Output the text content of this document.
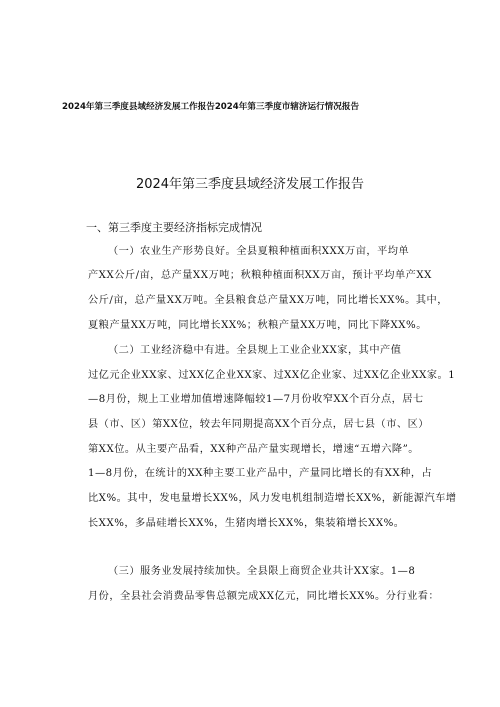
2024年第三季度县域经济发展工作报告2024年第三季度市辖济运行情况报告
2024年第三季度县域经济发展工作报告
一、第三季度主要经济指标完成情况
（一）农业生产形势良好。全县夏粮种植面积XXX万亩，平均单
产XX公斤/亩，总产量XX万吨；秋粮种植面积XX万亩，预计平均单产XX
公斤/亩，总产量XX万吨。全县粮食总产量XX万吨，同比增长XX%。其中，
夏粮产量XX万吨，同比增长XX%；秋粮产量XX万吨，同比下降XX%。
（二）工业经济稳中有进。全县规上工业企业XX家，其中产值
过亿元企业XX家、过XX亿企业XX家、过XX亿企业家、过XX亿企业XX家。1
—8月份，规上工业增加值增速降幅较1—7月份收窄XX个百分点，居七
县（市、区）第XX位，较去年同期提高XX个百分点，居七县（市、区）
第XX位。从主要产品看，XX种产品产量实现增长，增速“五增六降”。
1—8月份，在统计的XX种主要工业产品中，产量同比增长的有XX种，占
比X%。其中，发电量增长XX%，风力发电机组制造增长XX%，新能源汽车增
长XX%，多晶硅增长XX%，生猪肉增长XX%，集装箱增长XX%。
（三）服务业发展持续加快。全县限上商贸企业共计XX家。1—8
月份，全县社会消费品零售总额完成XX亿元，同比增长XX%。分行业看：
